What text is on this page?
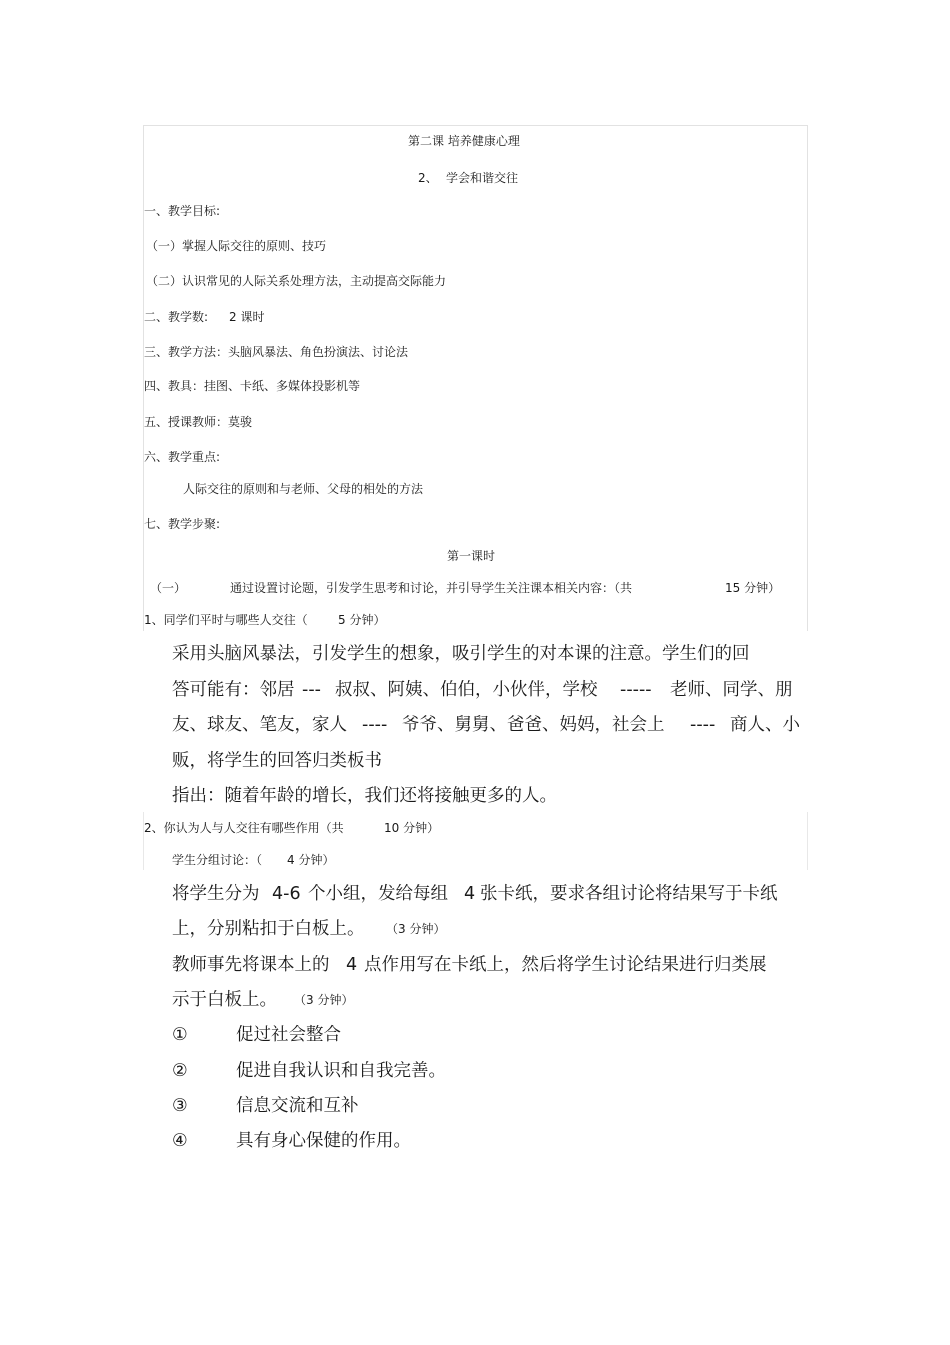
第二课 培养健康心理
2、 学会和谐交往
一、教学目标:
（一）掌握人际交往的原则、技巧
（二）认识常见的人际关系处理方法，主动提高交际能力
二、教学数: 2 课时
三、教学方法：头脑风暴法、角色扮演法、讨论法
四、教具：挂图、卡纸、多媒体投影机等
五、授课教师：莫骏
六、教学重点:
人际交往的原则和与老师、父母的相处的方法
七、教学步聚:
第一课时
（一）	通过设置讨论题，引发学生思考和讨论，并引导学生关注课本相关内容：（共	15 分钟）
1、同学们平时与哪些人交往（	5 分钟）
采用头脑风暴法，引发学生的想象，吸引学生的对本课的注意。学生们的回
答可能有：邻居 --- 叔叔、阿姨、伯伯，小伙伴，学校 ----- 老师、同学、朋
友、球友、笔友，家人 ---- 爷爷、舅舅、爸爸、妈妈，社会上 ---- 商人、小
贩，将学生的回答归类板书
指出：随着年龄的增长，我们还将接触更多的人。
2、你认为人与人交往有哪些作用（共	10 分钟）
学生分组讨论：（ 4 分钟）
将学生分为 4-6 个小组，发给每组 4 张卡纸，要求各组讨论将结果写于卡纸
上，分别粘扣于白板上。 （3 分钟）
教师事先将课本上的 4 点作用写在卡纸上，然后将学生讨论结果进行归类展
示于白板上。 （3 分钟）
①	促过社会整合
②	促进自我认识和自我完善。
③	信息交流和互补
④	具有身心保健的作用。
